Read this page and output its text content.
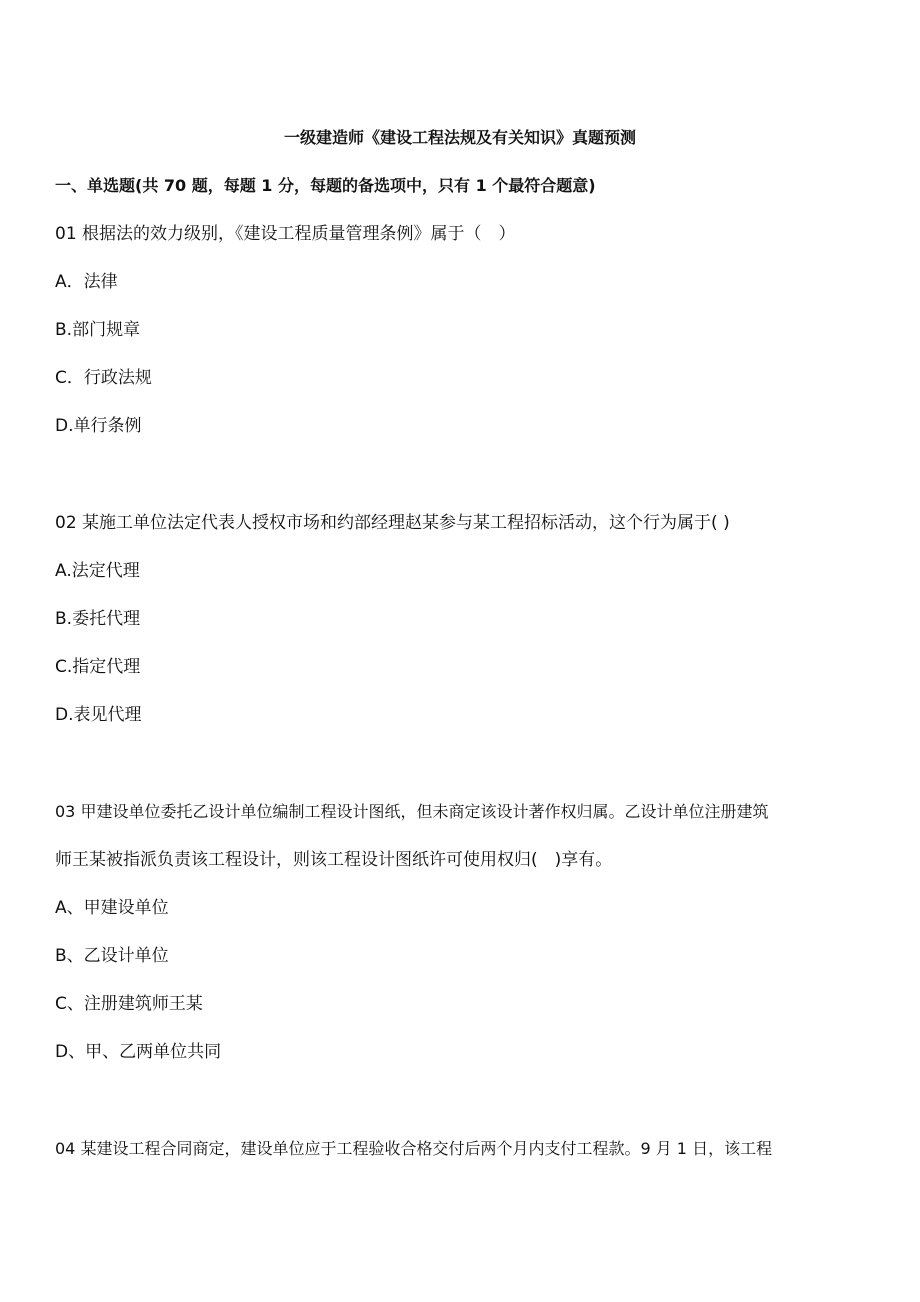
一级建造师《建设工程法规及有关知识》真题预测
一、单选题(共 70 题，每题 1 分，每题的备选项中，只有 1 个最符合题意)
01 根据法的效力级别，《建设工程质量管理条例》属于（　）
A．法律
B.部门规章
C．行政法规
D.单行条例
02 某施工单位法定代表人授权市场和约部经理赵某参与某工程招标活动，这个行为属于( )
A.法定代理
B.委托代理
C.指定代理
D.表见代理
03 甲建设单位委托乙设计单位编制工程设计图纸，但未商定该设计著作权归属。乙设计单位注册建筑
师王某被指派负责该工程设计，则该工程设计图纸许可使用权归(　)享有。
A、甲建设单位
B、乙设计单位
C、注册建筑师王某
D、甲、乙两单位共同
04 某建设工程合同商定，建设单位应于工程验收合格交付后两个月内支付工程款。9 月 1 日，该工程
